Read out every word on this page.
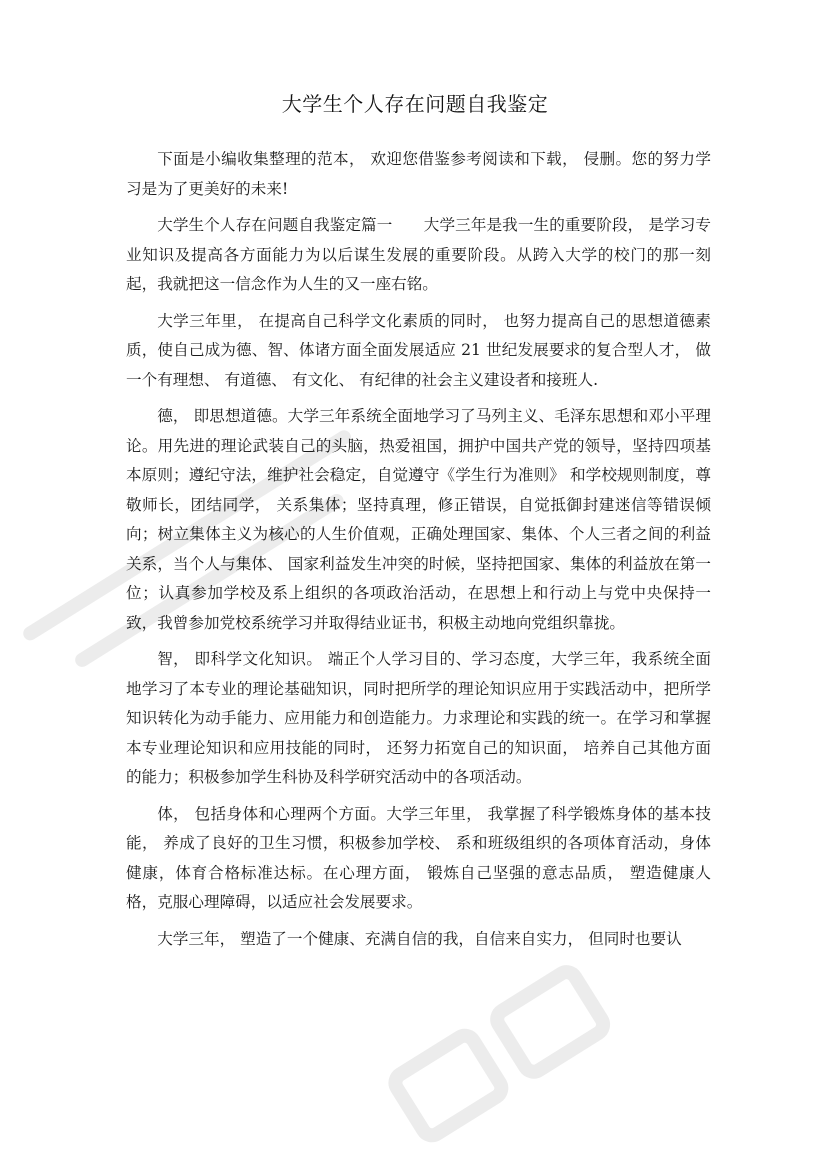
大学生个人存在问题自我鉴定

下面是小编收集整理的范本， 欢迎您借鉴参考阅读和下载， 侵删。您的努力学习是为了更美好的未来!

大学生个人存在问题自我鉴定篇一　　大学三年是我一生的重要阶段， 是学习专业知识及提高各方面能力为以后谋生发展的重要阶段。从跨入大学的校门的那一刻起，我就把这一信念作为人生的又一座右铭。

大学三年里， 在提高自己科学文化素质的同时， 也努力提高自己的思想道德素质，使自己成为德、智、体诸方面全面发展适应 21 世纪发展要求的复合型人才， 做一个有理想、 有道德、 有文化、 有纪律的社会主义建设者和接班人.

德， 即思想道德。大学三年系统全面地学习了马列主义、毛泽东思想和邓小平理论。用先进的理论武装自己的头脑，热爱祖国，拥护中国共产党的领导，坚持四项基本原则；遵纪守法，维护社会稳定，自觉遵守《学生行为准则》 和学校规则制度，尊敬师长，团结同学， 关系集体；坚持真理，修正错误，自觉抵御封建迷信等错误倾向；树立集体主义为核心的人生价值观，正确处理国家、集体、个人三者之间的利益关系，当个人与集体、 国家利益发生冲突的时候，坚持把国家、集体的利益放在第一位；认真参加学校及系上组织的各项政治活动，在思想上和行动上与党中央保持一致，我曾参加党校系统学习并取得结业证书，积极主动地向党组织靠拢。

智， 即科学文化知识。 端正个人学习目的、学习态度，大学三年，我系统全面地学习了本专业的理论基础知识，同时把所学的理论知识应用于实践活动中，把所学知识转化为动手能力、应用能力和创造能力。力求理论和实践的统一。在学习和掌握本专业理论知识和应用技能的同时， 还努力拓宽自己的知识面， 培养自己其他方面的能力；积极参加学生科协及科学研究活动中的各项活动。

体， 包括身体和心理两个方面。大学三年里， 我掌握了科学锻炼身体的基本技能， 养成了良好的卫生习惯，积极参加学校、 系和班级组织的各项体育活动，身体健康，体育合格标准达标。在心理方面， 锻炼自己坚强的意志品质， 塑造健康人格，克服心理障碍，以适应社会发展要求。

大学三年， 塑造了一个健康、充满自信的我，自信来自实力， 但同时也要认
